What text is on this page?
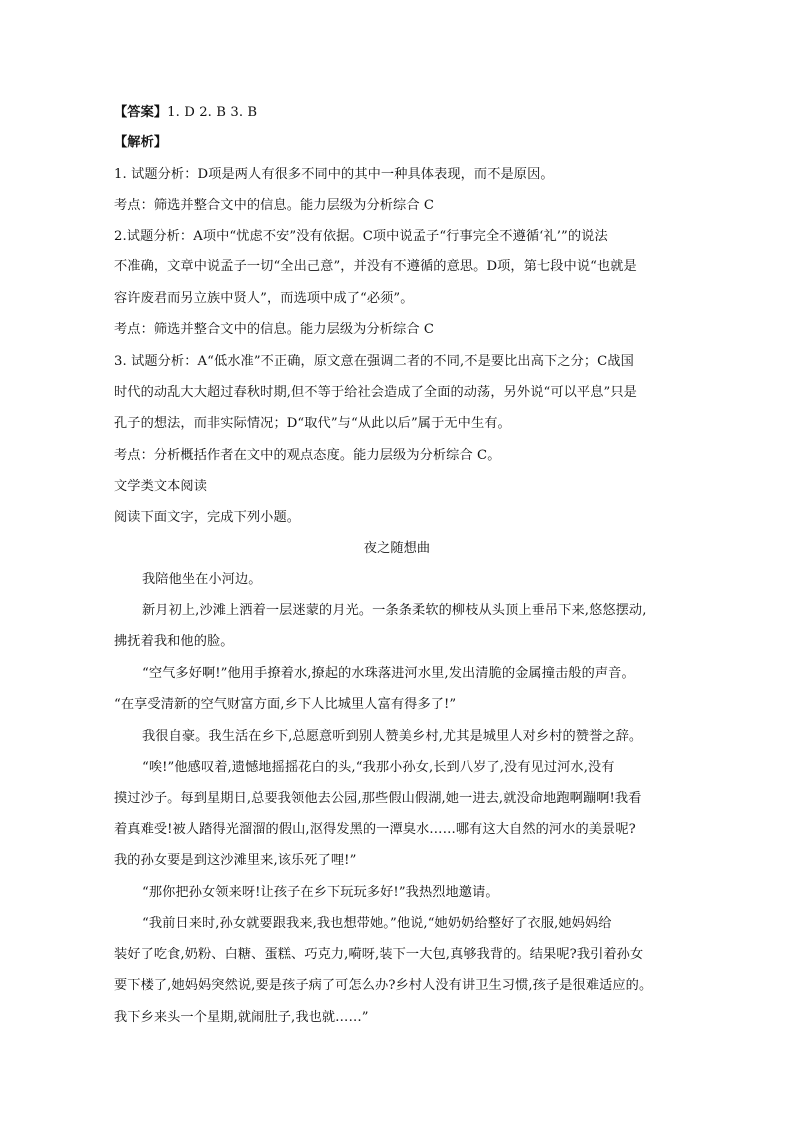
【答案】1. D 2. B 3. B
【解析】
1. 试题分析：D项是两人有很多不同中的其中一种具体表现，而不是原因。
考点：筛选并整合文中的信息。能力层级为分析综合 C
2.试题分析：A项中“忧虑不安”没有依据。C项中说孟子“行事完全不遵循‘礼’”的说法
不准确，文章中说孟子一切“全出己意”，并没有不遵循的意思。D项，第七段中说“也就是
容许废君而另立族中贤人”，而选项中成了“必须”。
考点：筛选并整合文中的信息。能力层级为分析综合 C
3. 试题分析：A“低水准”不正确，原文意在强调二者的不同,不是要比出高下之分；C战国
时代的动乱大大超过春秋时期,但不等于给社会造成了全面的动荡，另外说“可以平息”只是
孔子的想法，而非实际情况；D“取代”与“从此以后”属于无中生有。
考点：分析概括作者在文中的观点态度。能力层级为分析综合 C。
文学类文本阅读
阅读下面文字，完成下列小题。
夜之随想曲
我陪他坐在小河边。
新月初上,沙滩上洒着一层迷蒙的月光。一条条柔软的柳枝从头顶上垂吊下来,悠悠摆动,
拂抚着我和他的脸。
“空气多好啊!”他用手撩着水,撩起的水珠落进河水里,发出清脆的金属撞击般的声音。
“在享受清新的空气财富方面,乡下人比城里人富有得多了!”
我很自豪。我生活在乡下,总愿意听到别人赞美乡村,尤其是城里人对乡村的赞誉之辞。
“唉!”他感叹着,遗憾地摇摇花白的头,“我那小孙女,长到八岁了,没有见过河水,没有
摸过沙子。每到星期日,总要我领他去公园,那些假山假湖,她一进去,就没命地跑啊蹦啊!我看
着真难受!被人踏得光溜溜的假山,沤得发黑的一潭臭水……哪有这大自然的河水的美景呢?
我的孙女要是到这沙滩里来,该乐死了哩!”
“那你把孙女领来呀!让孩子在乡下玩玩多好!”我热烈地邀请。
“我前日来时,孙女就要跟我来,我也想带她。”他说,“她奶奶给整好了衣服,她妈妈给
装好了吃食,奶粉、白糖、蛋糕、巧克力,嗬呀,装下一大包,真够我背的。结果呢?我引着孙女
要下楼了,她妈妈突然说,要是孩子病了可怎么办?乡村人没有讲卫生习惯,孩子是很难适应的。
我下乡来头一个星期,就闹肚子,我也就……”
